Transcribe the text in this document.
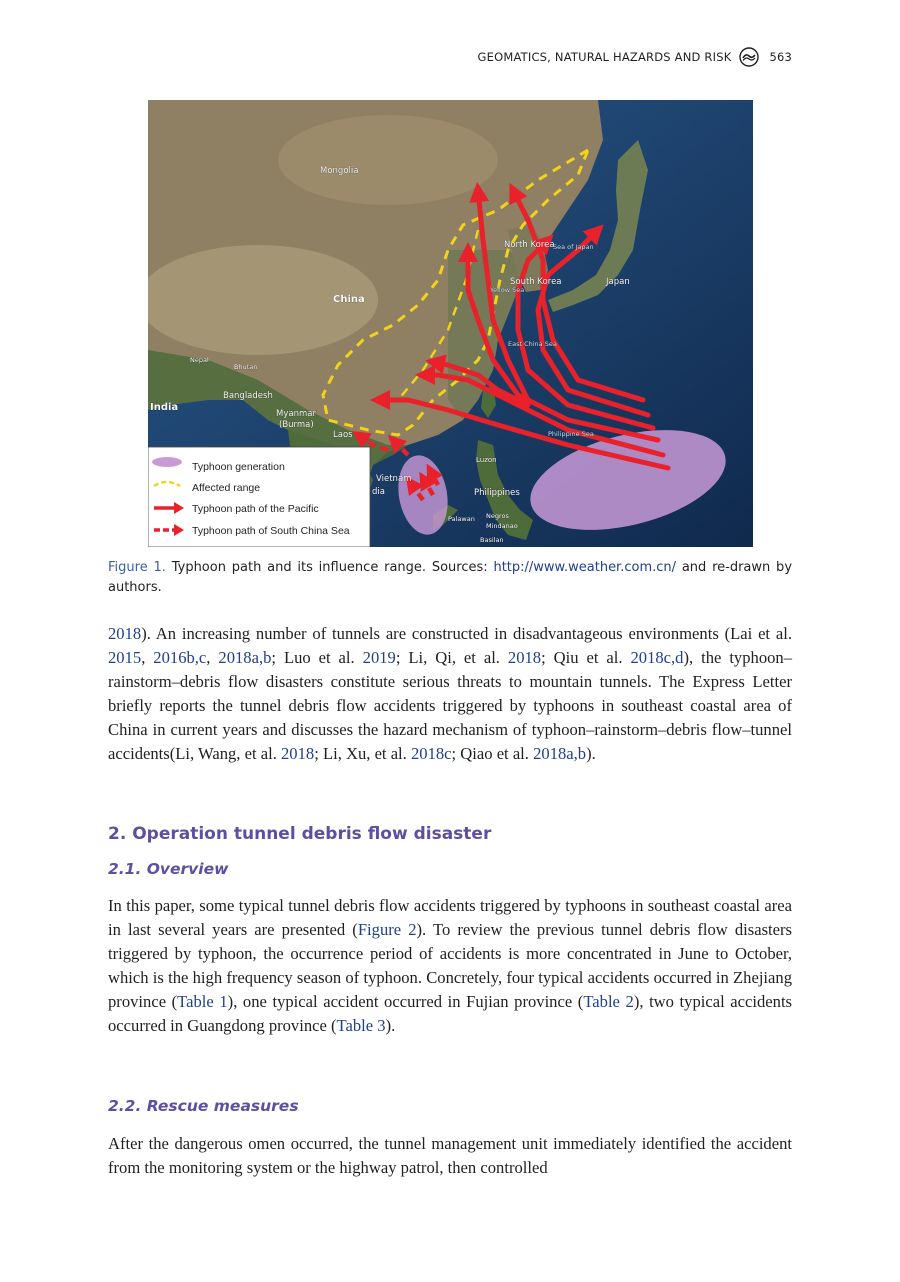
GEOMATICS, NATURAL HAZARDS AND RISK	563
Mongolia
China
North Korea
Sea of Japan
South Korea
Yellow Sea
Japan
East China Sea
Nepal
Bhutan
Bangladesh
India
Myanmar
(Burma)
Laos
Vietnam
dia
Philippine Sea
Luzon
Philippines
Palawan Negros
Mindanao
Basilan
Typhoon generation
Affected range
Typhoon path of the Pacific
Typhoon path of South China Sea
Figure 1. Typhoon path and its influence range. Sources: http://www.weather.com.cn/ and re-drawn by authors.

2018). An increasing number of tunnels are constructed in disadvantageous environments (Lai et al. 2015, 2016b,c, 2018a,b; Luo et al. 2019; Li, Qi, et al. 2018; Qiu et al. 2018c,d), the typhoon–rainstorm–debris flow disasters constitute serious threats to mountain tunnels. The Express Letter briefly reports the tunnel debris flow accidents triggered by typhoons in southeast coastal area of China in current years and discusses the hazard mechanism of typhoon–rainstorm–debris flow–tunnel accidents(Li, Wang, et al. 2018; Li, Xu, et al. 2018c; Qiao et al. 2018a,b).

2. Operation tunnel debris flow disaster
2.1. Overview

In this paper, some typical tunnel debris flow accidents triggered by typhoons in southeast coastal area in last several years are presented (Figure 2). To review the previous tunnel debris flow disasters triggered by typhoon, the occurrence period of accidents is more concentrated in June to October, which is the high frequency season of typhoon. Concretely, four typical accidents occurred in Zhejiang province (Table 1), one typical accident occurred in Fujian province (Table 2), two typical accidents occurred in Guangdong province (Table 3).

2.2. Rescue measures

After the dangerous omen occurred, the tunnel management unit immediately identified the accident from the monitoring system or the highway patrol, then controlled
